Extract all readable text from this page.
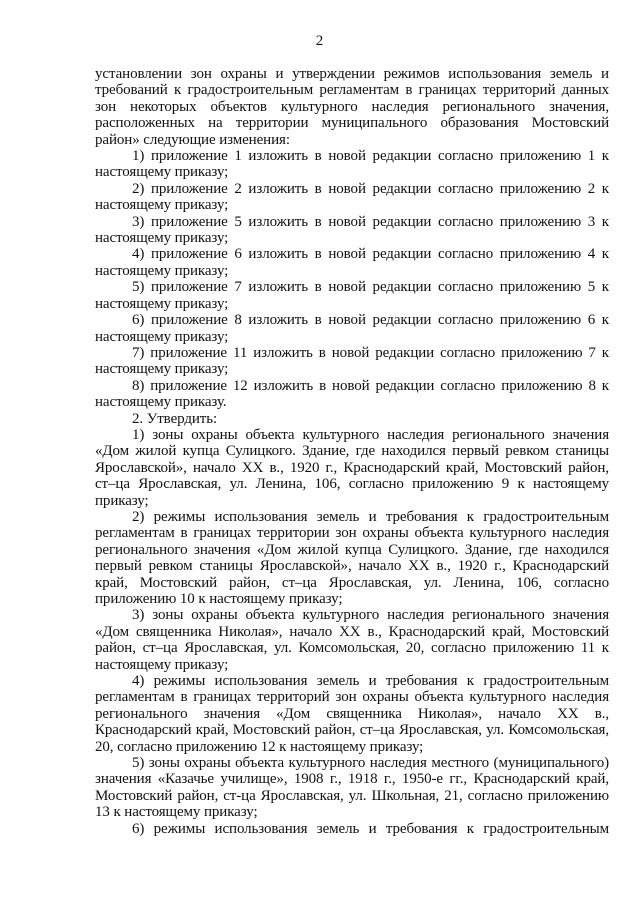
2

установлении зон охраны и утверждении режимов использования земель и требований к градостроительным регламентам в границах территорий данных зон некоторых объектов культурного наследия регионального значения, расположенных на территории муниципального образования Мостовский район» следующие изменения:

1) приложение 1 изложить в новой редакции согласно приложению 1 к настоящему приказу;

2) приложение 2 изложить в новой редакции согласно приложению 2 к настоящему приказу;

3) приложение 5 изложить в новой редакции согласно приложению 3 к настоящему приказу;

4) приложение 6 изложить в новой редакции согласно приложению 4 к настоящему приказу;

5) приложение 7 изложить в новой редакции согласно приложению 5 к настоящему приказу;

6) приложение 8 изложить в новой редакции согласно приложению 6 к настоящему приказу;

7) приложение 11 изложить в новой редакции согласно приложению 7 к настоящему приказу;

8) приложение 12 изложить в новой редакции согласно приложению 8 к настоящему приказу.

2. Утвердить:

1) зоны охраны объекта культурного наследия регионального значения «Дом жилой купца Сулицкого. Здание, где находился первый ревком станицы Ярославской», начало XX в., 1920 г., Краснодарский край, Мостовский район, ст–ца Ярославская, ул. Ленина, 106, согласно приложению 9 к настоящему приказу;

2) режимы использования земель и требования к градостроительным регламентам в границах территории зон охраны объекта культурного наследия регионального значения «Дом жилой купца Сулицкого. Здание, где находился первый ревком станицы Ярославской», начало XX в., 1920 г., Краснодарский край, Мостовский район, ст–ца Ярославская, ул. Ленина, 106, согласно приложению 10 к настоящему приказу;

3) зоны охраны объекта культурного наследия регионального значения «Дом священника Николая», начало XX в., Краснодарский край, Мостовский район, ст–ца Ярославская, ул. Комсомольская, 20, согласно приложению 11 к настоящему приказу;

4) режимы использования земель и требования к градостроительным регламентам в границах территорий зон охраны объекта культурного наследия регионального значения «Дом священника Николая», начало XX в., Краснодарский край, Мостовский район, ст–ца Ярославская, ул. Комсомольская, 20, согласно приложению 12 к настоящему приказу;

5) зоны охраны объекта культурного наследия местного (муниципального) значения «Казачье училище», 1908 г., 1918 г., 1950-е гг., Краснодарский край, Мостовский район, ст-ца Ярославская, ул. Школьная, 21, согласно приложению 13 к настоящему приказу;

6) режимы использования земель и требования к градостроительным
